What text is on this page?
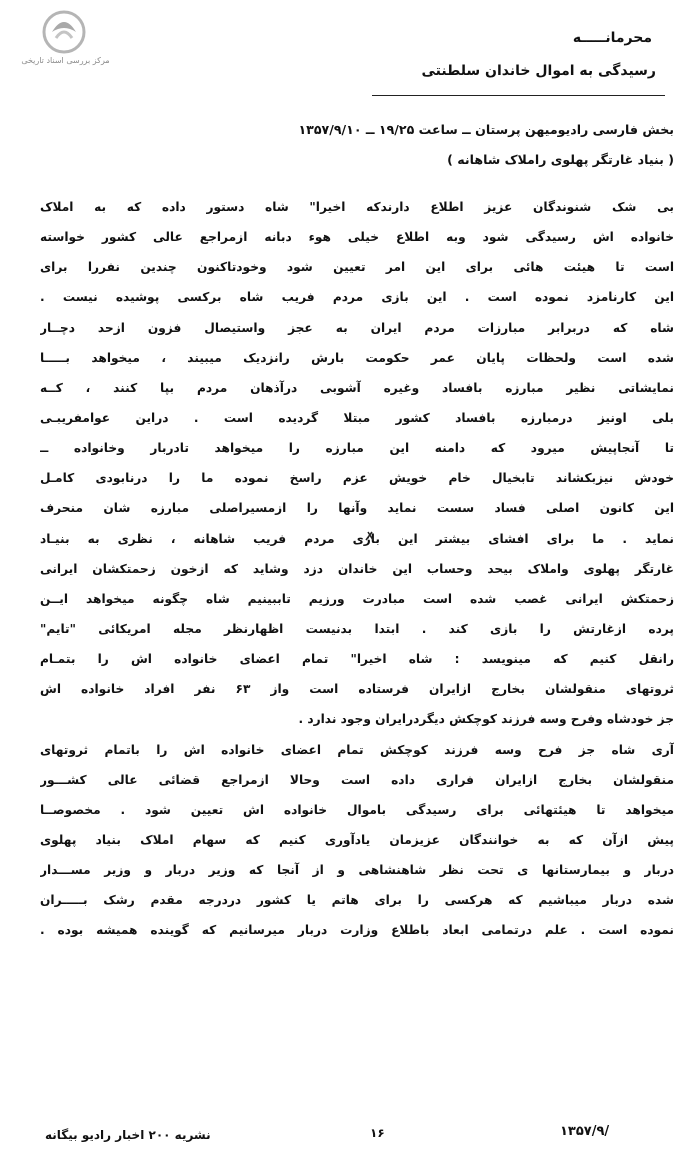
مرکز بررسی اسناد تاریخی
محرمانـــــه
رسیدگی به اموال خاندان سلطنتی
بخش فارسی رادیومیهن پرستان ــ ساعت ۱۹/۲۵ ــ ۱۳۵۷/۹/۱۰
( بنیاد غارتگر پهلوی راملاک شاهانه )
بی شک شنوندگان عزیز اطلاع دارندکه اخیرا" شاه دستور داده که به املاک
خانواده اش رسیدگی شود وبه اطلاع خیلی هوء دبانه ازمراجع عالی کشور خواسته
است تا هیئت هائی برای این امر تعیین شود وخودتاکنون چندین نفررا برای
این کارنامزد نموده است . این بازی مردم فریب شاه برکسی پوشیده نیست .
شاه که دربرابر مبارزات مردم ایران به عجز واستیصال فزون ازحد دچــار
شده است ولحظات پایان عمر حکومت بارش رانزدیک میبیند ، میخواهد بـــــا
نمایشاتی نظیر مبارزه بافساد وغیره آشوبی درآذهان مردم بپا کنند ، کــه
بلی اونیز درمبارزه بافساد کشور مبتلا گردیده است . دراین عوامفریبـی
تا آنجاپیش میرود که دامنه این مبارزه را میخواهد تادربار وخانواده ــ
خودش نیزبکشاند تابخیال خام خویش عزم راسخ نموده ما را درنابودی کامـل
این کانون اصلی فساد سست نماید وآنها را ازمسیراصلی مبارزه شان منحرف
نماید . ما برای افشای بیشتر این بازی مردم فریب شاهانه ، نظری به بنیـاد
غارتگر پهلوی واملاک بیحد وحساب این خاندان دزد وشاید که ازخون زحمتکشان ایرانی
زحمتکش ایرانی غصب شده است مبادرت ورزیم تاببینیم شاه چگونه میخواهد ایــن
پرده ازغارتش را بازی کند . ابتدا بدنیست اظهارنظر مجله امریکائی "تایم"
رانقل کنیم که مینویسد : شاه اخیرا" تمام اعضای خانواده اش را بتمـام
ثروتهای منقولشان بخارج ازایران فرستاده است واز ۶۳ نفر افراد خانواده اش
جز خودشاه وفرح وسه فرزند کوچکش دیگردرایران وجود ندارد .
آری شاه جز فرح وسه فرزند کوچکش تمام اعضای خانواده اش را باتمام ثروتهای
منقولشان بخارج ازایران فراری داده است وحالا ازمراجع قضائی عالی کشـــور
میخواهد تا هیئتهائی برای رسیدگی باموال خانواده اش تعیین شود . مخصوصــا
پیش ازآن که به خوانندگان عزیزمان یادآوری کنیم که سهام املاک بنیاد پهلوی
دربار و بیمارستانها ی تحت نظر شاهنشاهی و از آنجا که وزیر دربار و وزیر مســـدار
شده دربار میباشیم که هرکسی را برای هاتم یا کشور دردرجه مقدم رشک بـــــران
نموده است . علم درتمامی ابعاد باطلاع وزارت دربار میرسانیم که گوینده همیشه بوده .
نشریه ۲۰۰ اخبار رادیو بیگانه	۱۶	۱۳۵۷/۹/
